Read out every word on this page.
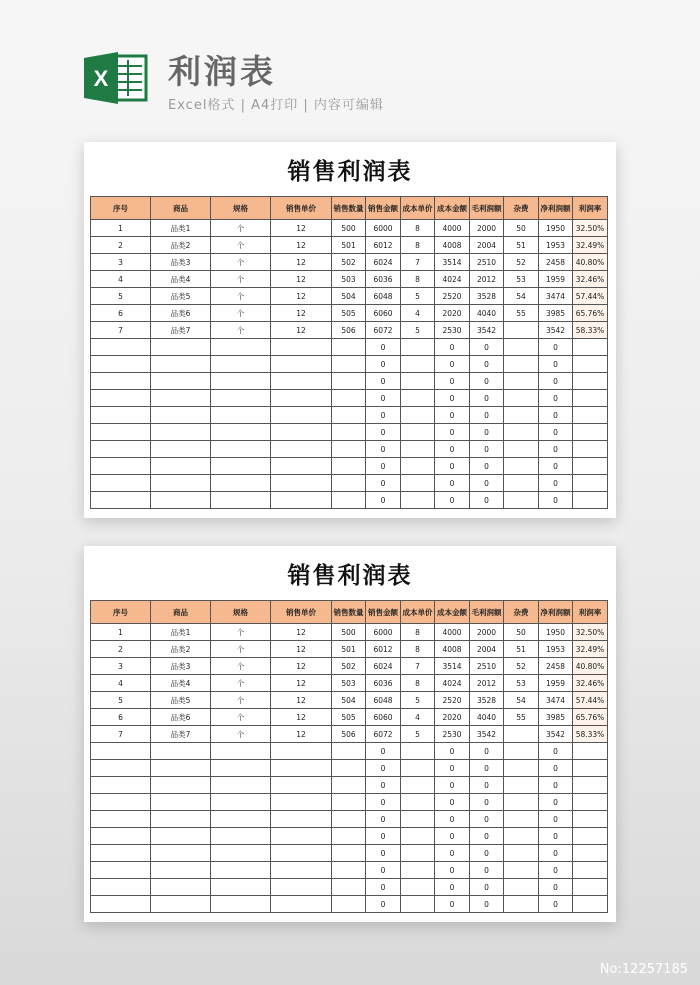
X 利润表
Excel格式 | A4打印 | 内容可编辑
销售利润表
序号	商品	规格	销售单价	销售数量	销售金额	成本单价	成本金额	毛利润额	杂费	净利润额	利润率
1	品类1	个	12	500	6000	8	4000	2000	50	1950	32.50%
2	品类2	个	12	501	6012	8	4008	2004	51	1953	32.49%
3	品类3	个	12	502	6024	7	3514	2510	52	2458	40.80%
4	品类4	个	12	503	6036	8	4024	2012	53	1959	32.46%
5	品类5	个	12	504	6048	5	2520	3528	54	3474	57.44%
6	品类6	个	12	505	6060	4	2020	4040	55	3985	65.76%
7	品类7	个	12	506	6072	5	2530	3542		3542	58.33%
					0		0	0		0	
					0		0	0		0	
					0		0	0		0	
					0		0	0		0	
					0		0	0		0	
					0		0	0		0	
					0		0	0		0	
					0		0	0		0	
					0		0	0		0	
					0		0	0		0	
销售利润表
序号	商品	规格	销售单价	销售数量	销售金额	成本单价	成本金额	毛利润额	杂费	净利润额	利润率
1	品类1	个	12	500	6000	8	4000	2000	50	1950	32.50%
2	品类2	个	12	501	6012	8	4008	2004	51	1953	32.49%
3	品类3	个	12	502	6024	7	3514	2510	52	2458	40.80%
4	品类4	个	12	503	6036	8	4024	2012	53	1959	32.46%
5	品类5	个	12	504	6048	5	2520	3528	54	3474	57.44%
6	品类6	个	12	505	6060	4	2020	4040	55	3985	65.76%
7	品类7	个	12	506	6072	5	2530	3542		3542	58.33%
					0		0	0		0	
					0		0	0		0	
					0		0	0		0	
					0		0	0		0	
					0		0	0		0	
					0		0	0		0	
					0		0	0		0	
					0		0	0		0	
					0		0	0		0	
					0		0	0		0	
No:12257185
